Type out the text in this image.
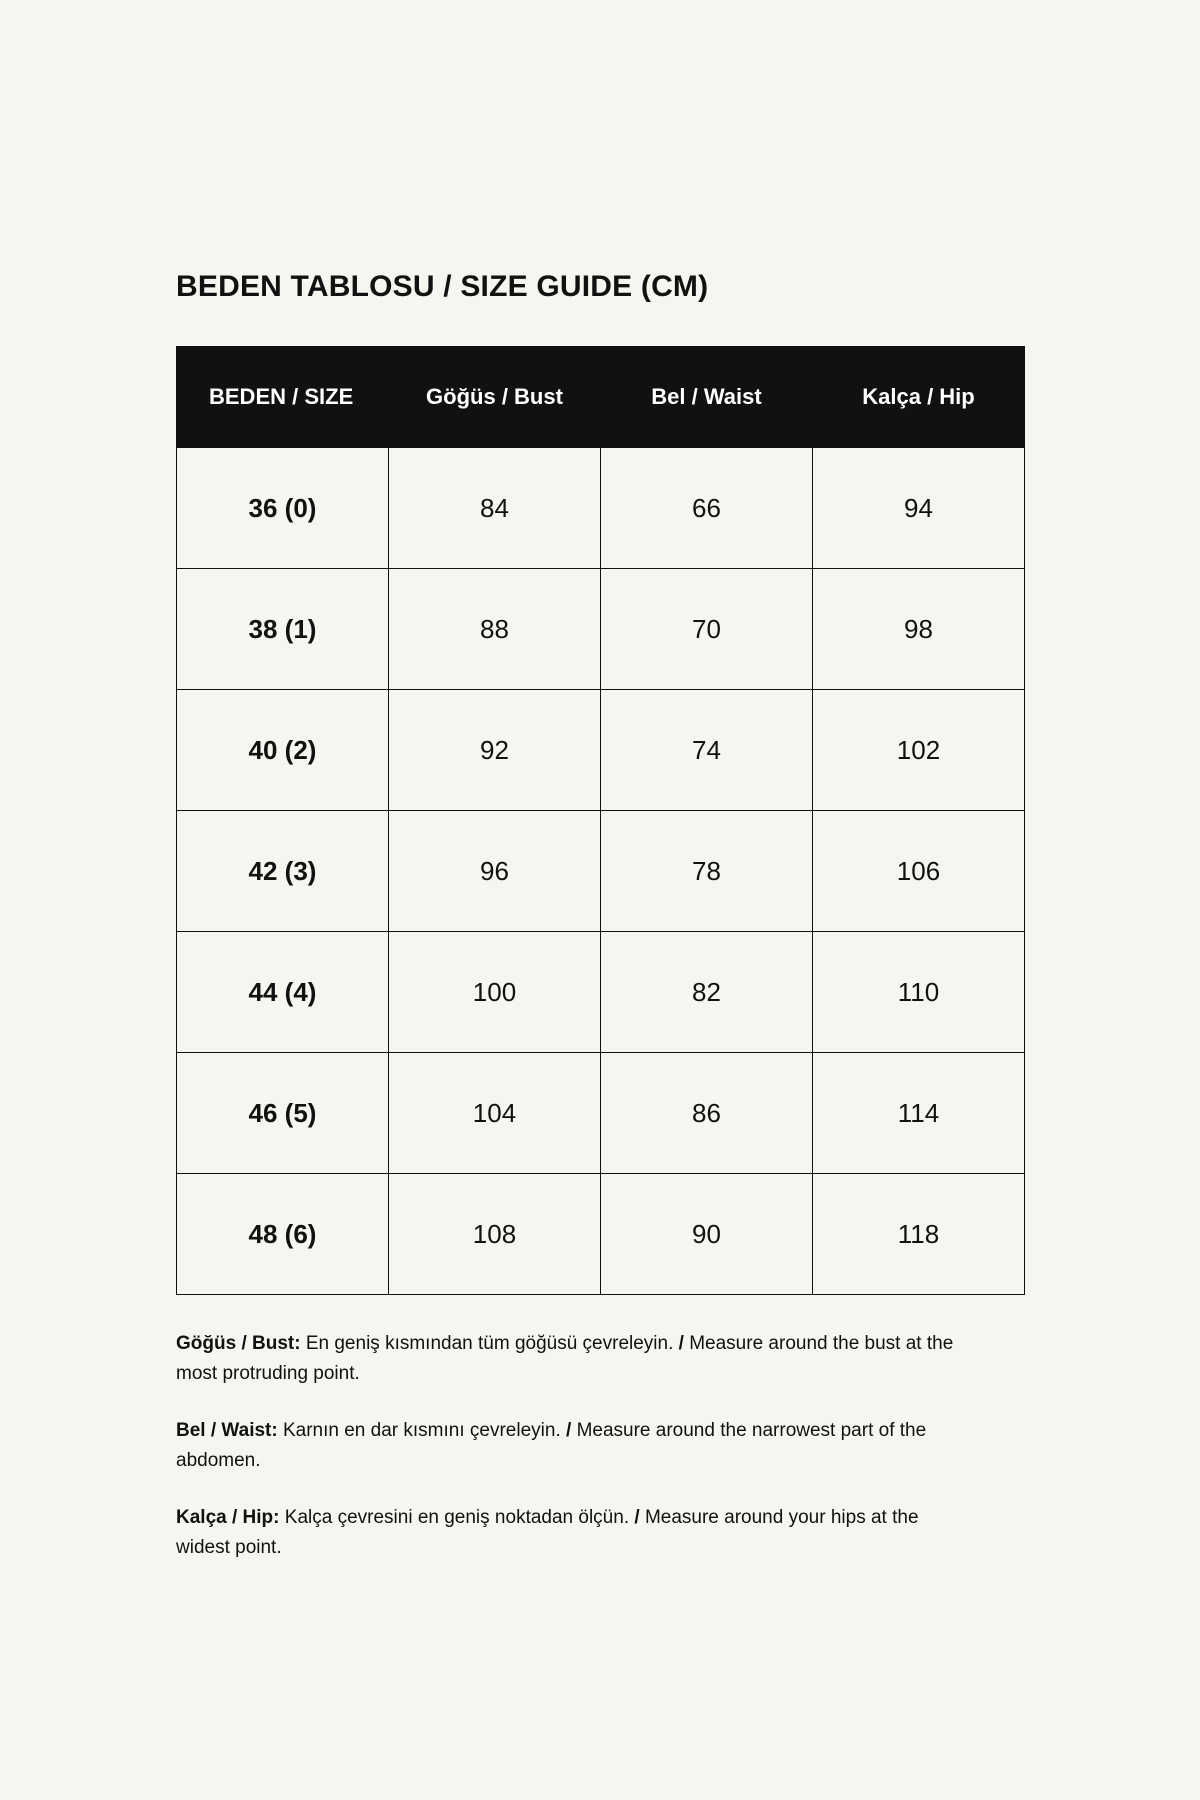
BEDEN TABLOSU / SIZE GUIDE (CM)
BEDEN / SIZE	Göğüs / Bust	Bel / Waist	Kalça / Hip
36 (0)	84	66	94
38 (1)	88	70	98
40 (2)	92	74	102
42 (3)	96	78	106
44 (4)	100	82	110
46 (5)	104	86	114
48 (6)	108	90	118

Göğüs / Bust: En geniş kısmından tüm göğüsü çevreleyin. / Measure around the bust at the most protruding point.

Bel / Waist: Karnın en dar kısmını çevreleyin. / Measure around the narrowest part of the abdomen.

Kalça / Hip: Kalça çevresini en geniş noktadan ölçün. / Measure around your hips at the widest point.
